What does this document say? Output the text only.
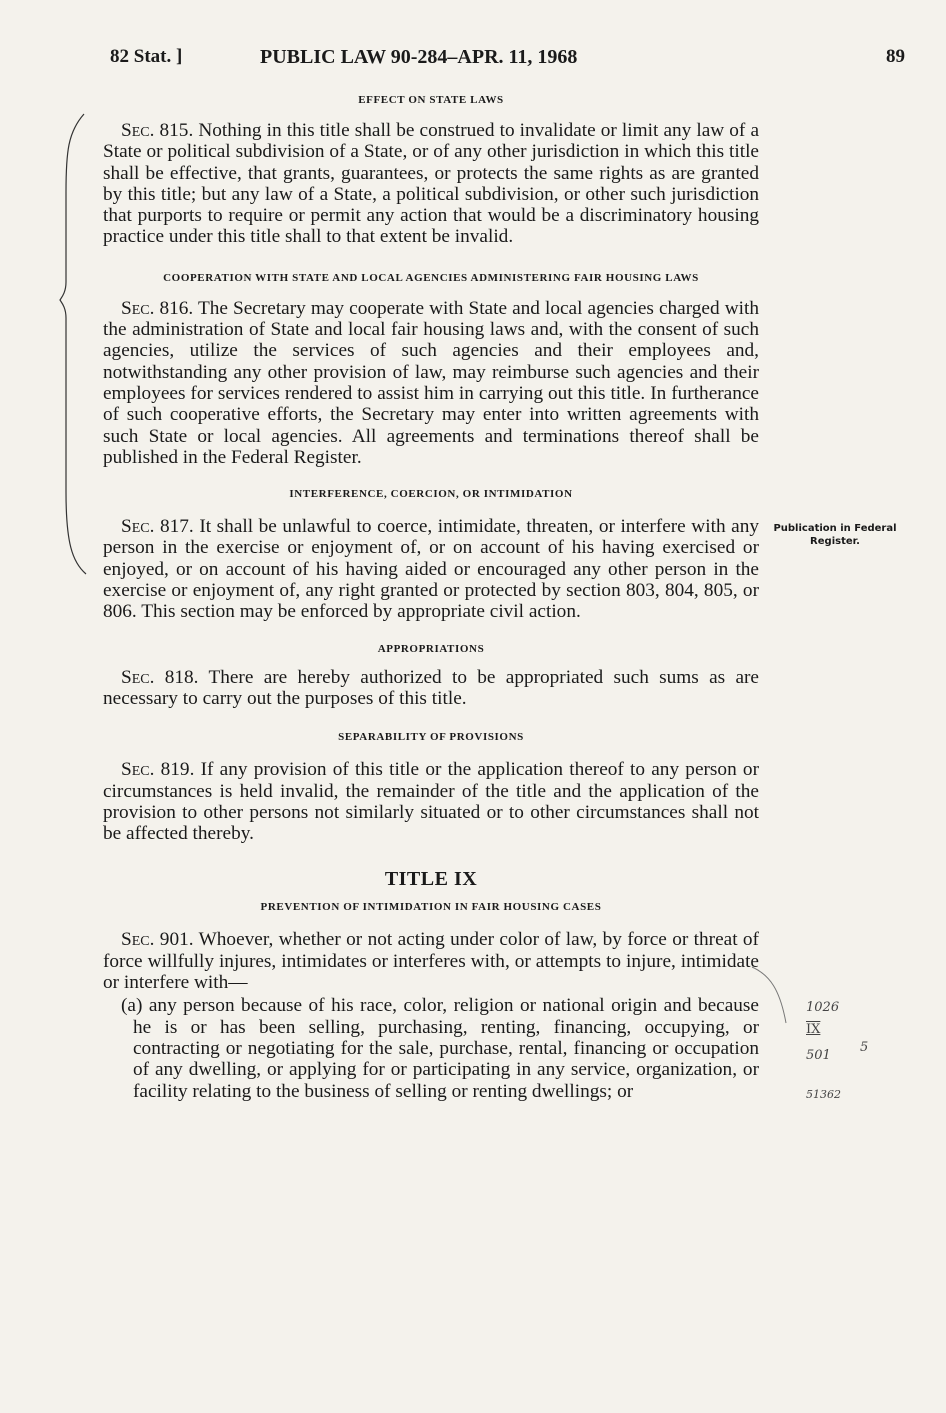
82 Stat. ]	PUBLIC LAW 90-284–APR. 11, 1968	89

EFFECT ON STATE LAWS

Sec. 815. Nothing in this title shall be construed to invalidate or limit any law of a State or political subdivision of a State, or of any other jurisdiction in which this title shall be effective, that grants, guarantees, or protects the same rights as are granted by this title; but any law of a State, a political subdivision, or other such jurisdiction that purports to require or permit any action that would be a discriminatory housing practice under this title shall to that extent be invalid.

COOPERATION WITH STATE AND LOCAL AGENCIES ADMINISTERING FAIR HOUSING LAWS

Sec. 816. The Secretary may cooperate with State and local agencies charged with the administration of State and local fair housing laws and, with the consent of such agencies, utilize the services of such agencies and their employees and, notwithstanding any other provision of law, may reimburse such agencies and their employees for services rendered to assist him in carrying out this title. In furtherance of such cooperative efforts, the Secretary may enter into written agreements with such State or local agencies. All agreements and terminations thereof shall be published in the Federal Register.

INTERFERENCE, COERCION, OR INTIMIDATION

Sec. 817. It shall be unlawful to coerce, intimidate, threaten, or interfere with any person in the exercise or enjoyment of, or on account of his having exercised or enjoyed, or on account of his having aided or encouraged any other person in the exercise or enjoyment of, any right granted or protected by section 803, 804, 805, or 806. This section may be enforced by appropriate civil action.

APPROPRIATIONS

Sec. 818. There are hereby authorized to be appropriated such sums as are necessary to carry out the purposes of this title.

SEPARABILITY OF PROVISIONS

Sec. 819. If any provision of this title or the application thereof to any person or circumstances is held invalid, the remainder of the title and the application of the provision to other persons not similarly situated or to other circumstances shall not be affected thereby.

TITLE IX

PREVENTION OF INTIMIDATION IN FAIR HOUSING CASES

Sec. 901. Whoever, whether or not acting under color of law, by force or threat of force willfully injures, intimidates or interferes with, or attempts to injure, intimidate or interfere with—

(a) any person because of his race, color, religion or national origin and because he is or has been selling, purchasing, renting, financing, occupying, or contracting or negotiating for the sale, purchase, rental, financing or occupation of any dwelling, or applying for or participating in any service, organization, or facility relating to the business of selling or renting dwellings; or

Publication in Federal Register.
1026
IX
501
5
51362
